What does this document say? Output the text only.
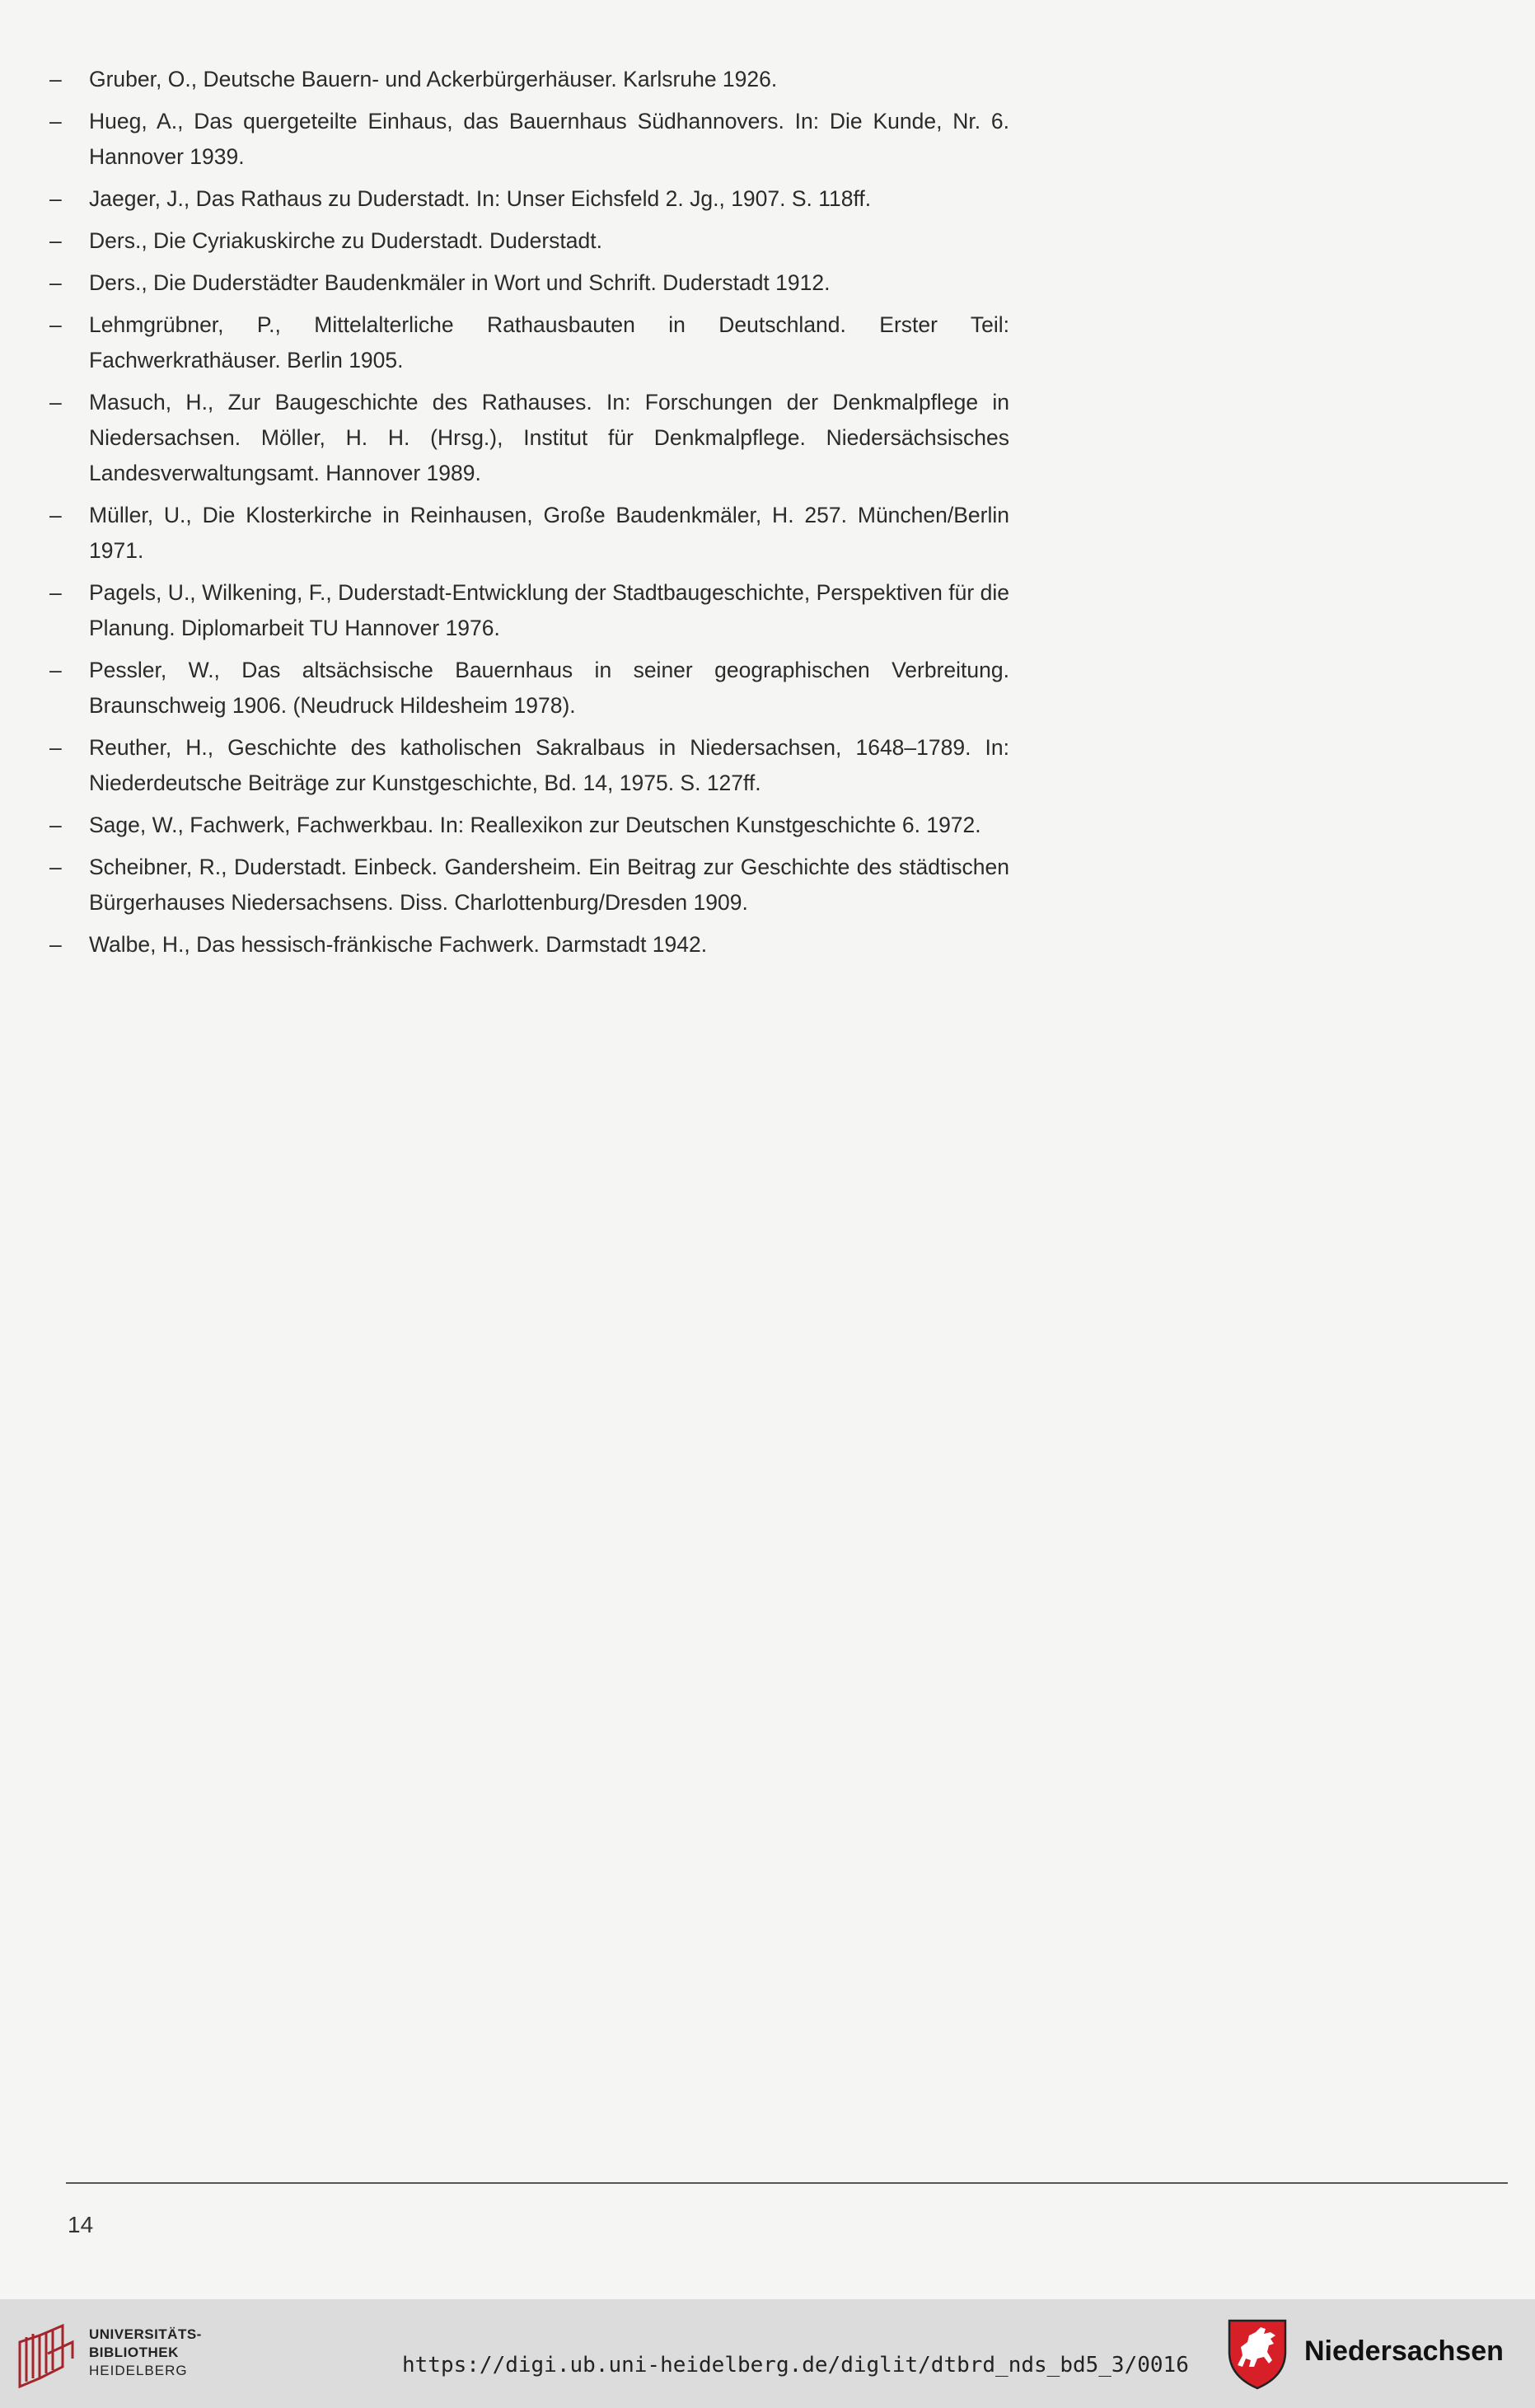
– Gruber, O., Deutsche Bauern- und Ackerbürgerhäuser. Karlsruhe 1926.
– Hueg, A., Das quergeteilte Einhaus, das Bauernhaus Südhannovers. In: Die Kunde, Nr. 6. Hannover 1939.
– Jaeger, J., Das Rathaus zu Duderstadt. In: Unser Eichsfeld 2. Jg., 1907. S. 118ff.
– Ders., Die Cyriakuskirche zu Duderstadt. Duderstadt.
– Ders., Die Duderstädter Baudenkmäler in Wort und Schrift. Duderstadt 1912.
– Lehmgrübner, P., Mittelalterliche Rathausbauten in Deutschland. Erster Teil: Fachwerkrathäuser. Berlin 1905.
– Masuch, H., Zur Baugeschichte des Rathauses. In: Forschungen der Denkmalpflege in Niedersachsen. Möller, H. H. (Hrsg.), Institut für Denkmalpflege. Niedersächsisches Landesverwaltungsamt. Hannover 1989.
– Müller, U., Die Klosterkirche in Reinhausen, Große Baudenkmäler, H. 257. München/Berlin 1971.
– Pagels, U., Wilkening, F., Duderstadt-Entwicklung der Stadtbaugeschichte, Perspektiven für die Planung. Diplomarbeit TU Hannover 1976.
– Pessler, W., Das altsächsische Bauernhaus in seiner geographischen Verbreitung. Braunschweig 1906. (Neudruck Hildesheim 1978).
– Reuther, H., Geschichte des katholischen Sakralbaus in Niedersachsen, 1648–1789. In: Niederdeutsche Beiträge zur Kunstgeschichte, Bd. 14, 1975. S. 127ff.
– Sage, W., Fachwerk, Fachwerkbau. In: Reallexikon zur Deutschen Kunstgeschichte 6. 1972.
– Scheibner, R., Duderstadt. Einbeck. Gandersheim. Ein Beitrag zur Geschichte des städtischen Bürgerhauses Niedersachsens. Diss. Charlottenburg/Dresden 1909.
– Walbe, H., Das hessisch-fränkische Fachwerk. Darmstadt 1942.
14
UNIVERSITÄTS-
BIBLIOTHEK
HEIDELBERG	https://digi.ub.uni-heidelberg.de/diglit/dtbrd_nds_bd5_3/0016	Niedersachsen
